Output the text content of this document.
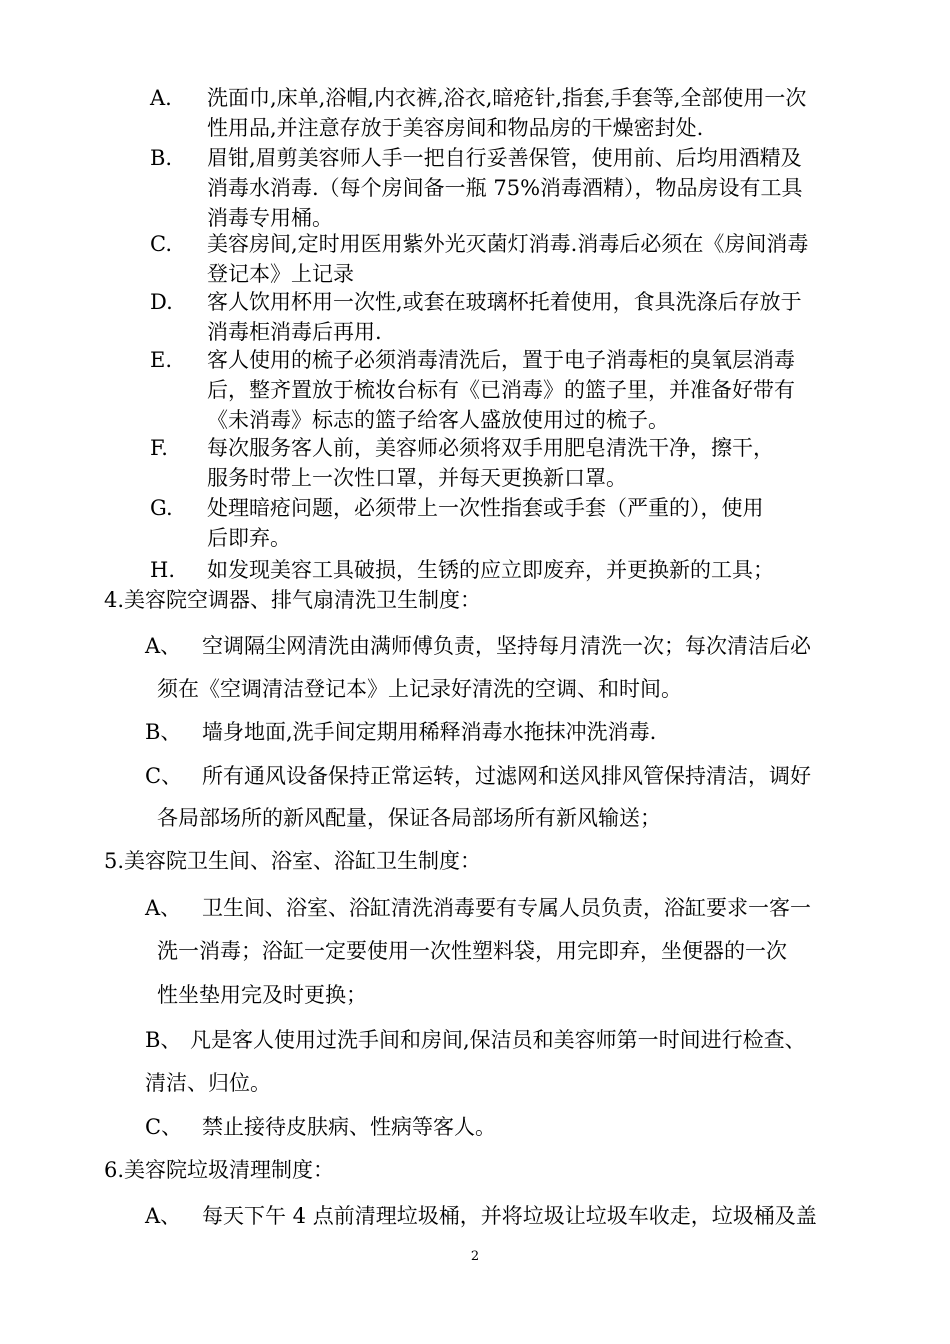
A.	洗面巾,床单,浴帽,内衣裤,浴衣,暗疮针,指套,手套等,全部使用一次
性用品,并注意存放于美容房间和物品房的干燥密封处.
B.	眉钳,眉剪美容师人手一把自行妥善保管，使用前、后均用酒精及
消毒水消毒.（每个房间备一瓶 75%消毒酒精），物品房设有工具
消毒专用桶。
C.	美容房间,定时用医用紫外光灭菌灯消毒.消毒后必须在《房间消毒
登记本》上记录
D.	客人饮用杯用一次性,或套在玻璃杯托着使用，食具洗涤后存放于
消毒柜消毒后再用.
E.	客人使用的梳子必须消毒清洗后，置于电子消毒柜的臭氧层消毒
后，整齐置放于梳妆台标有《已消毒》的篮子里，并准备好带有
《未消毒》标志的篮子给客人盛放使用过的梳子。
F.	每次服务客人前，美容师必须将双手用肥皂清洗干净，擦干，
服务时带上一次性口罩，并每天更换新口罩。
G.	处理暗疮问题，必须带上一次性指套或手套（严重的），使用
后即弃。
H.	如发现美容工具破损，生锈的应立即废弃，并更换新的工具；
4.美容院空调器、排气扇清洗卫生制度：
A、 空调隔尘网清洗由满师傅负责，坚持每月清洗一次；每次清洁后必
须在《空调清洁登记本》上记录好清洗的空调、和时间。
B、 墙身地面,洗手间定期用稀释消毒水拖抹冲洗消毒.
C、 所有通风设备保持正常运转，过滤网和送风排风管保持清洁，调好
各局部场所的新风配量，保证各局部场所有新风输送；
5.美容院卫生间、浴室、浴缸卫生制度：
A、 卫生间、浴室、浴缸清洗消毒要有专属人员负责，浴缸要求一客一
洗一消毒；浴缸一定要使用一次性塑料袋，用完即弃，坐便器的一次
性坐垫用完及时更换；
B、 凡是客人使用过洗手间和房间,保洁员和美容师第一时间进行检查、
清洁、归位。
C、 禁止接待皮肤病、性病等客人。
6.美容院垃圾清理制度：
A、 每天下午 4 点前清理垃圾桶，并将垃圾让垃圾车收走，垃圾桶及盖
2
